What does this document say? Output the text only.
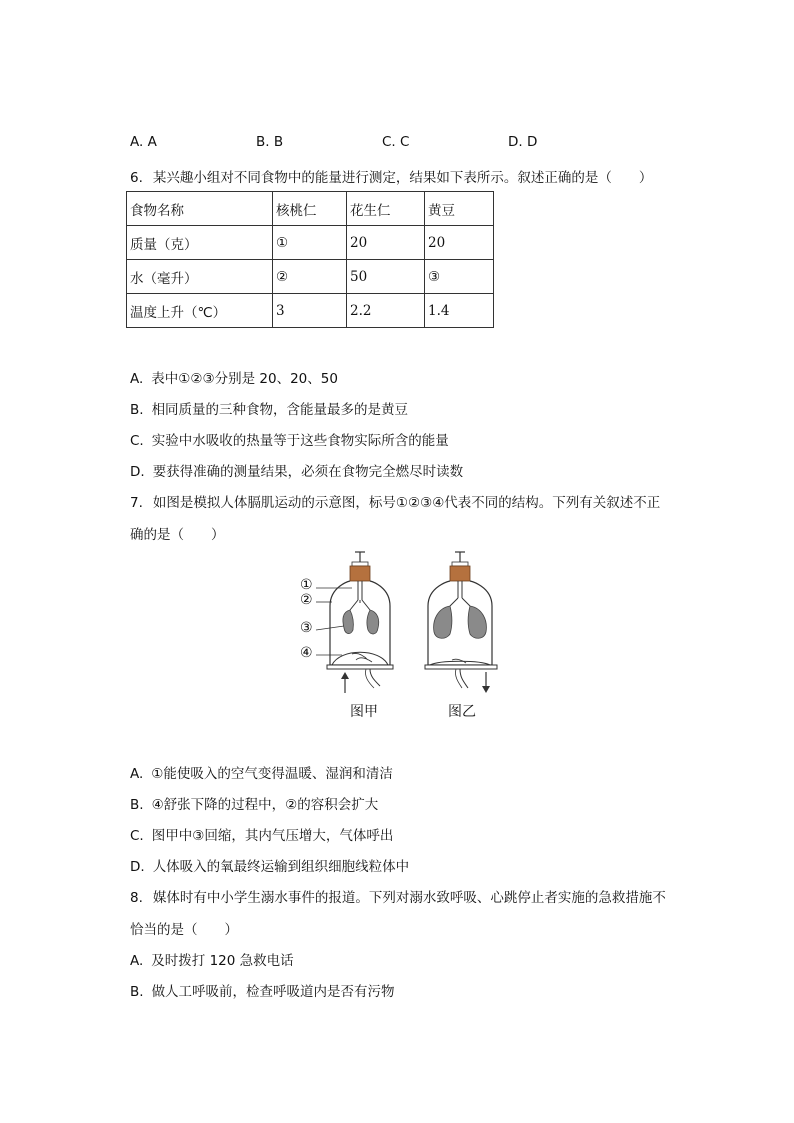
A. A	B. B	C. C	D. D
6. 某兴趣小组对不同食物中的能量进行测定，结果如下表所示。叙述正确的是（　　）
食物名称	核桃仁	花生仁	黄豆
质量（克）	①	20	20
水（毫升）	②	50	③
温度上升（℃）	3	2.2	1.4
A. 表中①②③分别是 20、20、50
B. 相同质量的三种食物，含能量最多的是黄豆
C. 实验中水吸收的热量等于这些食物实际所含的能量
D. 要获得准确的测量结果，必须在食物完全燃尽时读数
7. 如图是模拟人体膈肌运动的示意图，标号①②③④代表不同的结构。下列有关叙述不正
确的是（　　）
①
②
③
④
图甲	图乙
A. ①能使吸入的空气变得温暖、湿润和清洁
B. ④舒张下降的过程中，②的容积会扩大
C. 图甲中③回缩，其内气压增大，气体呼出
D. 人体吸入的氧最终运输到组织细胞线粒体中
8. 媒体时有中小学生溺水事件的报道。下列对溺水致呼吸、心跳停止者实施的急救措施不
恰当的是（　　）
A. 及时拨打 120 急救电话
B. 做人工呼吸前，检查呼吸道内是否有污物
